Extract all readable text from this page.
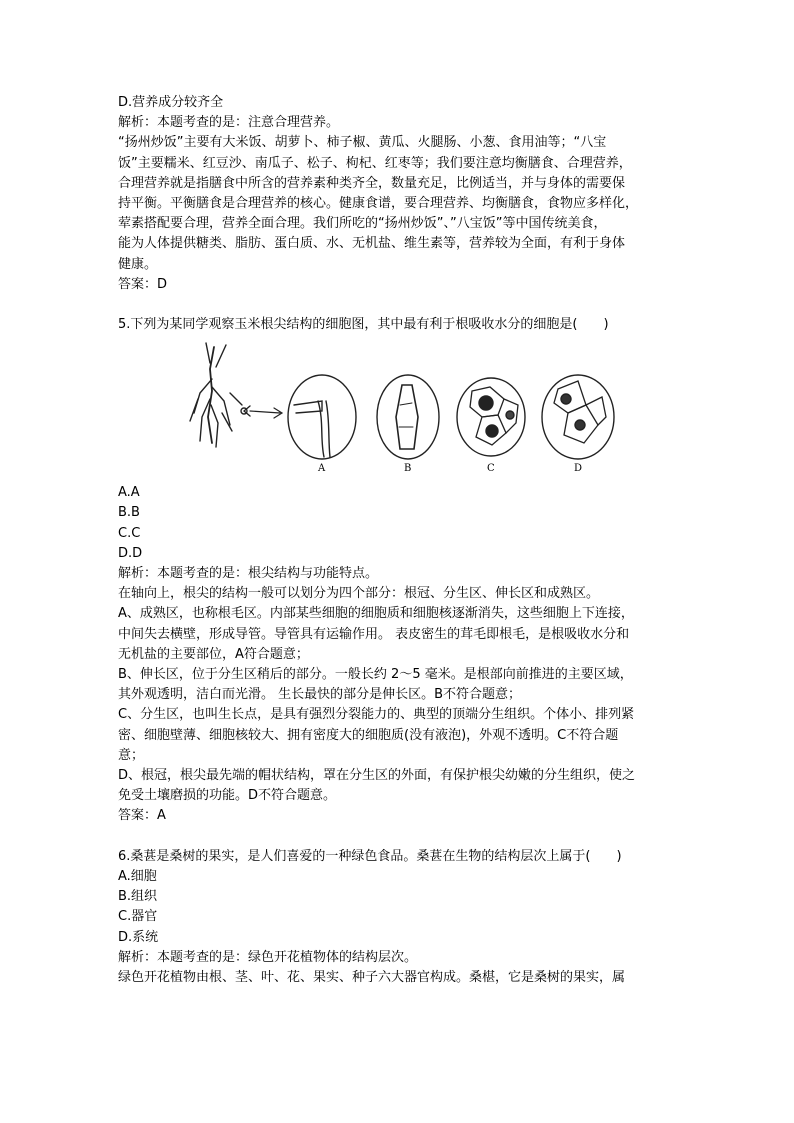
D.营养成分较齐全
解析：本题考查的是：注意合理营养。
“扬州炒饭”主要有大米饭、胡萝卜、柿子椒、黄瓜、火腿肠、小葱、食用油等；“八宝
饭”主要糯米、红豆沙、南瓜子、松子、枸杞、红枣等；我们要注意均衡膳食、合理营养，
合理营养就是指膳食中所含的营养素种类齐全，数量充足，比例适当，并与身体的需要保
持平衡。平衡膳食是合理营养的核心。健康食谱，要合理营养、均衡膳食，食物应多样化，
荤素搭配要合理，营养全面合理。我们所吃的“扬州炒饭”、”八宝饭”等中国传统美食，
能为人体提供糖类、脂肪、蛋白质、水、无机盐、维生素等，营养较为全面，有利于身体
健康。
答案：D
5.下列为某同学观察玉米根尖结构的细胞图，其中最有利于根吸收水分的细胞是(　　)
A	B	C	D
A.A
B.B
C.C
D.D
解析：本题考查的是：根尖结构与功能特点。
在轴向上，根尖的结构一般可以划分为四个部分：根冠、分生区、伸长区和成熟区。
A、成熟区，也称根毛区。内部某些细胞的细胞质和细胞核逐渐消失，这些细胞上下连接，
中间失去横壁，形成导管。导管具有运输作用。 表皮密生的茸毛即根毛，是根吸收水分和
无机盐的主要部位，A符合题意；
B、伸长区，位于分生区稍后的部分。一般长约 2～5 毫米。是根部向前推进的主要区域，
其外观透明，洁白而光滑。 生长最快的部分是伸长区。B不符合题意；
C、分生区，也叫生长点，是具有强烈分裂能力的、典型的顶端分生组织。个体小、排列紧
密、细胞壁薄、细胞核较大、拥有密度大的细胞质(没有液泡)，外观不透明。C不符合题
意；
D、根冠，根尖最先端的帽状结构，罩在分生区的外面，有保护根尖幼嫩的分生组织，使之
免受土壤磨损的功能。D不符合题意。
答案：A
6.桑葚是桑树的果实，是人们喜爱的一种绿色食品。桑葚在生物的结构层次上属于(　　)
A.细胞
B.组织
C.器官
D.系统
解析：本题考查的是：绿色开花植物体的结构层次。
绿色开花植物由根、茎、叶、花、果实、种子六大器官构成。桑椹，它是桑树的果实，属
